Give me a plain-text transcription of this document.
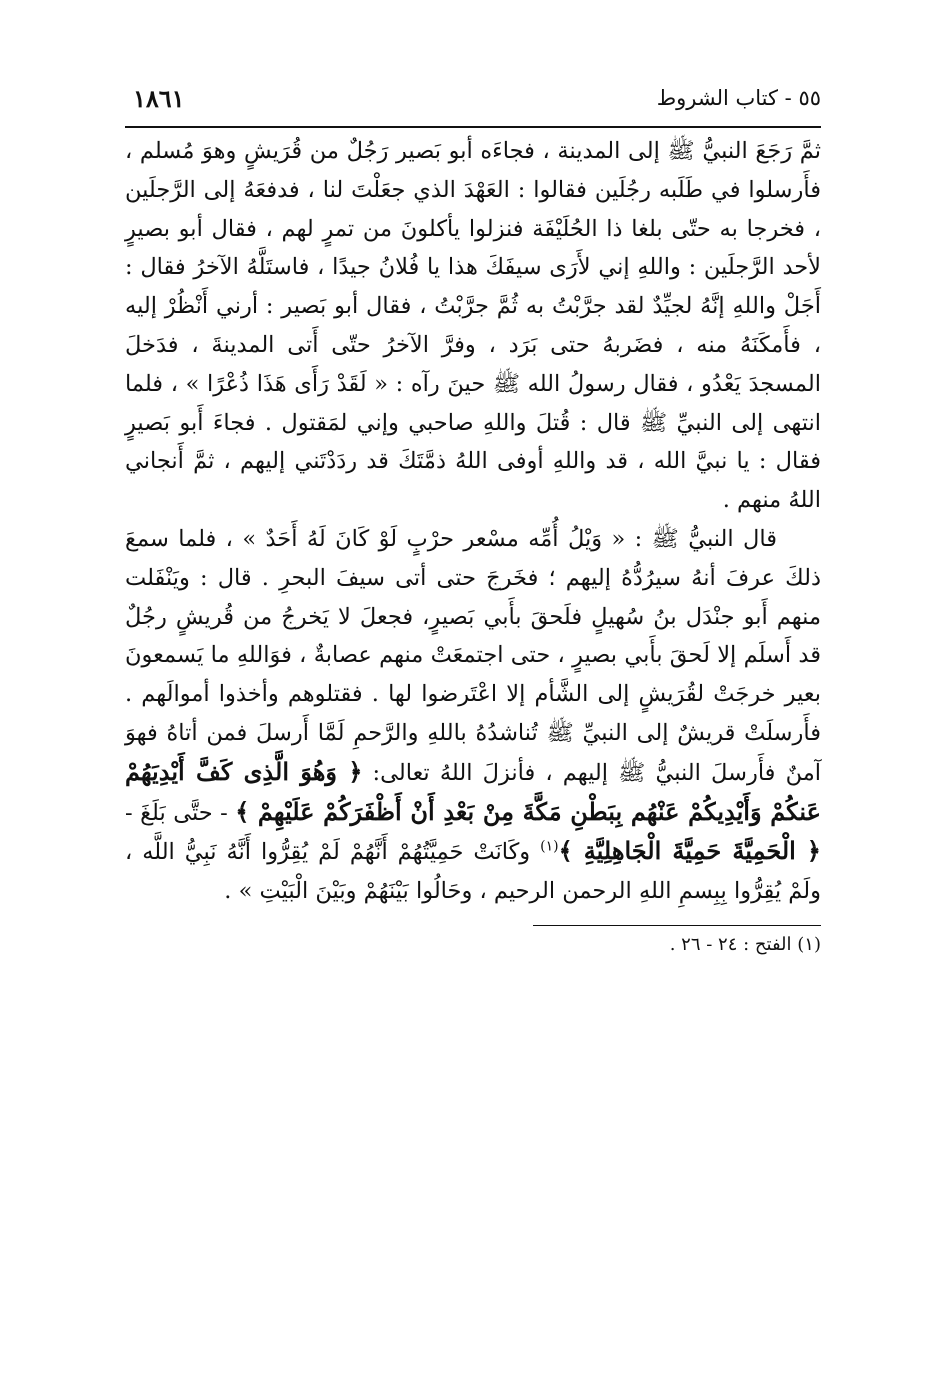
٥٥ - كتاب الشروط
١٨٦١

ثمَّ رَجَعَ النبيُّ ﷺ إلى المدينة ، فجاءَه أبو بَصير رَجُلٌ من قُرَيشٍ وهوَ مُسلم ، فأَرسلوا في طَلَبه رجُلَين فقالوا : العَهْدَ الذي جعَلْتَ لنا ، فدفعَهُ إلى الرَّجلَين ، فخرجا به حتّى بلغا ذا الحُلَيْفَة فنزلوا يأكلونَ من تمرٍ لهم ، فقال أبو بصيرٍ لأحد الرَّجلَين : واللهِ إني لأَرَى سيفَكَ هذا يا فُلانُ جيدًا ، فاستَلَّهُ الآخرُ فقال : أَجَلْ واللهِ إنَّهُ لجيِّدٌ لقد جرَّبْتُ به ثُمَّ جرَّبْتُ ، فقال أبو بَصير : أرني أَنْظُرْ إليه ، فأَمكَنَهُ منه ، فضَربهُ حتى بَرَد ، وفرَّ الآخرُ حتّى أَتى المدينةَ ، فدَخلَ المسجدَ يَعْدُو ، فقال رسولُ الله ﷺ حينَ رآه : « لَقَدْ رَأَى هَذَا ذُعْرًا » ، فلما انتهى إلى النبيِّ ﷺ قال : قُتلَ واللهِ صاحبي وإني لمَقتول . فجاءَ أَبو بَصيرٍ فقال : يا نبيَّ الله ، قد واللهِ أوفى اللهُ ذمَّتَكَ قد ردَدْتَني إليهم ، ثمَّ أَنجاني اللهُ منهم .

قال النبيُّ ﷺ : « وَيْلُ أُمِّه مسْعر حرْبٍ لَوْ كَانَ لَهُ أَحَدٌ » ، فلما سمعَ ذلكَ عرفَ أنهُ سيرُدُّهُ إليهم ؛ فخَرجَ حتى أتى سيفَ البحرِ . قال : ويَنْفَلت منهم أَبو جنْدَل بنُ سُهيلٍ فلَحقَ بأَبي بَصيرٍ، فجعلَ لا يَخرجُ من قُريشٍ رجُلٌ قد أَسلَم إلا لَحقَ بأَبي بصيرٍ ، حتى اجتمعَتْ منهم عصابةٌ ، فوَاللهِ ما يَسمعونَ بعير خرجَتْ لقُرَيشٍ إلى الشَّأم إلا اعْتَرضوا لها . فقتلوهم وأخذوا أموالَهم . فأَرسلَتْ قريشٌ إلى النبيِّ ﷺ تُناشدُهُ باللهِ والرَّحمِ لَمَّا أَرسلَ فمن أتاهُ فهوَ آمنٌ فأَرسلَ النبيُّ ﷺ إليهم ، فأنزلَ اللهُ تعالى: ﴿ وَهُوَ الَّذِى كَفَّ أَيْدِيَهُمْ عَنكُمْ وَأَيْدِيكُمْ عَنْهُم بِبَطْنِ مَكَّةَ مِنْ بَعْدِ أَنْ أَظْفَرَكُمْ عَلَيْهِمْ ﴾ - حتَّى بَلَغَ - ﴿ الْحَمِيَّةَ حَمِيَّةَ الْجَاهِلِيَّةِ ﴾$^{(١)}$ وكَانَتْ حَمِيَّتُهُمْ أَنَّهُمْ لَمْ يُقِرُّوا أَنَّهُ نَبِيُّ اللَّه ، ولَمْ يُقِرُّوا بِبِسمِ اللهِ الرحمن الرحيم ، وحَالُوا بَيْنَهُمْ وبَيْنَ الْبَيْتِ » .

(١) الفتح : ٢٤ - ٢٦ .
